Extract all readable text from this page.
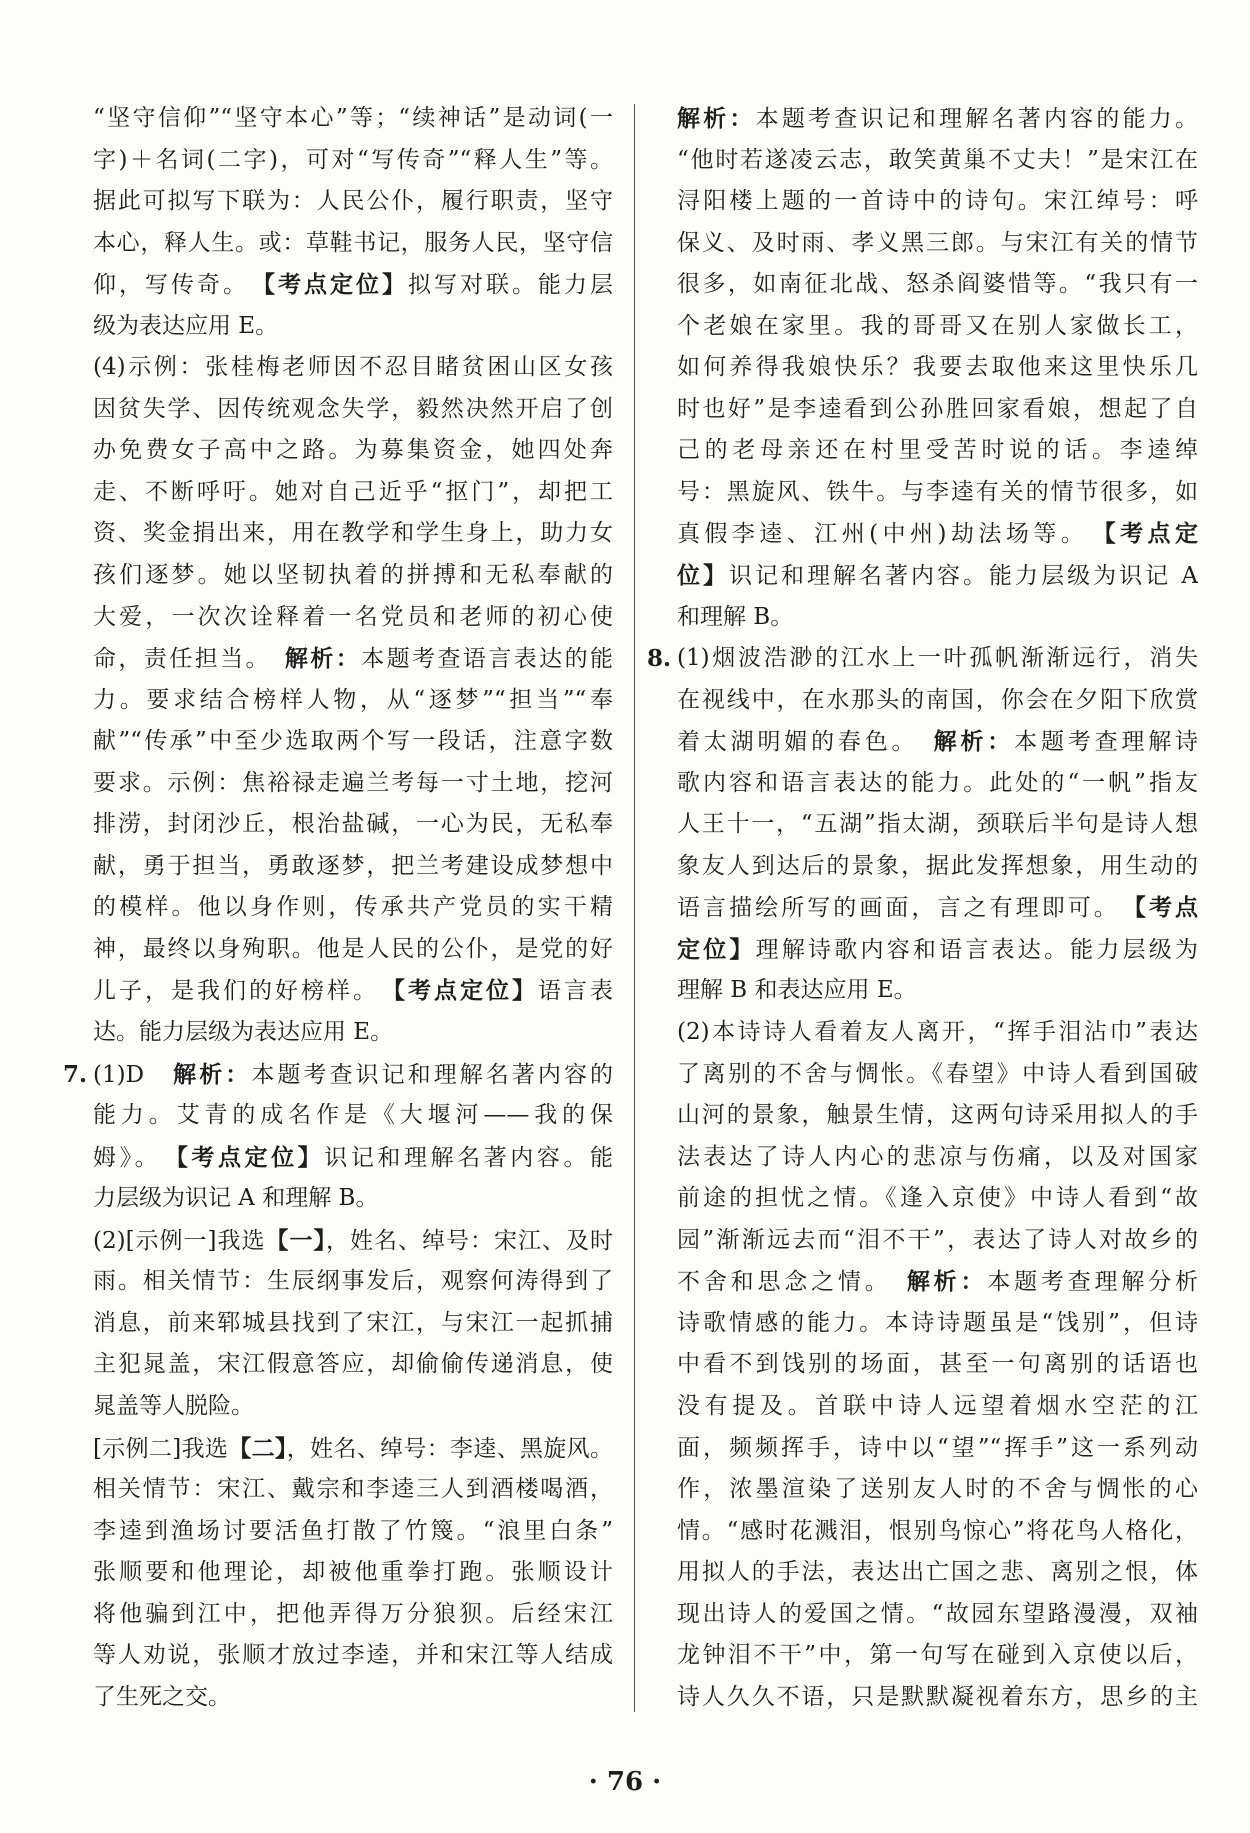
“坚守信仰”“坚守本心”等；“续神话”是动词(一
字)＋名词(二字)，可对“写传奇”“释人生”等。
据此可拟写下联为：人民公仆，履行职责，坚守
本心，释人生。或：草鞋书记，服务人民，坚守信
仰，写传奇。　【考点定位】拟写对联。能力层
级为表达应用 E。
(4)示例：张桂梅老师因不忍目睹贫困山区女孩
因贫失学、因传统观念失学，毅然决然开启了创
办免费女子高中之路。为募集资金，她四处奔
走、不断呼吁。她对自己近乎“抠门”，却把工
资、奖金捐出来，用在教学和学生身上，助力女
孩们逐梦。她以坚韧执着的拼搏和无私奉献的
大爱，一次次诠释着一名党员和老师的初心使
命，责任担当。　解析：本题考查语言表达的能
力。要求结合榜样人物，从“逐梦”“担当”“奉
献”“传承”中至少选取两个写一段话，注意字数
要求。示例：焦裕禄走遍兰考每一寸土地，挖河
排涝，封闭沙丘，根治盐碱，一心为民，无私奉
献，勇于担当，勇敢逐梦，把兰考建设成梦想中
的模样。他以身作则，传承共产党员的实干精
神，最终以身殉职。他是人民的公仆，是党的好
儿子，是我们的好榜样。　【考点定位】语言表
达。能力层级为表达应用 E。
7. (1)D　解析：本题考查识记和理解名著内容的
能力。艾青的成名作是《大堰河——我的保
姆》。　【考点定位】识记和理解名著内容。能
力层级为识记 A 和理解 B。
(2)[示例一]我选【一】，姓名、绰号：宋江、及时
雨。相关情节：生辰纲事发后，观察何涛得到了
消息，前来郓城县找到了宋江，与宋江一起抓捕
主犯晁盖，宋江假意答应，却偷偷传递消息，使
晁盖等人脱险。
[示例二]我选【二】，姓名、绰号：李逵、黑旋风。
相关情节：宋江、戴宗和李逵三人到酒楼喝酒，
李逵到渔场讨要活鱼打散了竹篾。“浪里白条”
张顺要和他理论，却被他重拳打跑。张顺设计
将他骗到江中，把他弄得万分狼狈。后经宋江
等人劝说，张顺才放过李逵，并和宋江等人结成
了生死之交。
解析：本题考查识记和理解名著内容的能力。
“他时若遂凌云志，敢笑黄巢不丈夫！”是宋江在
浔阳楼上题的一首诗中的诗句。宋江绰号：呼
保义、及时雨、孝义黑三郎。与宋江有关的情节
很多，如南征北战、怒杀阎婆惜等。“我只有一
个老娘在家里。我的哥哥又在别人家做长工，
如何养得我娘快乐？我要去取他来这里快乐几
时也好”是李逵看到公孙胜回家看娘，想起了自
己的老母亲还在村里受苦时说的话。李逵绰
号：黑旋风、铁牛。与李逵有关的情节很多，如
真假李逵、江州(中州)劫法场等。　【考点定
位】识记和理解名著内容。能力层级为识记 A
和理解 B。
8. (1)烟波浩渺的江水上一叶孤帆渐渐远行，消失
在视线中，在水那头的南国，你会在夕阳下欣赏
着太湖明媚的春色。　解析：本题考查理解诗
歌内容和语言表达的能力。此处的“一帆”指友
人王十一，“五湖”指太湖，颈联后半句是诗人想
象友人到达后的景象，据此发挥想象，用生动的
语言描绘所写的画面，言之有理即可。　【考点
定位】理解诗歌内容和语言表达。能力层级为
理解 B 和表达应用 E。
(2)本诗诗人看着友人离开，“挥手泪沾巾”表达
了离别的不舍与惆怅。《春望》中诗人看到国破
山河的景象，触景生情，这两句诗采用拟人的手
法表达了诗人内心的悲凉与伤痛，以及对国家
前途的担忧之情。《逢入京使》中诗人看到“故
园”渐渐远去而“泪不干”，表达了诗人对故乡的
不舍和思念之情。　解析：本题考查理解分析
诗歌情感的能力。本诗诗题虽是“饯别”，但诗
中看不到饯别的场面，甚至一句离别的话语也
没有提及。首联中诗人远望着烟水空茫的江
面，频频挥手，诗中以“望”“挥手”这一系列动
作，浓墨渲染了送别友人时的不舍与惆怅的心
情。“感时花溅泪，恨别鸟惊心”将花鸟人格化，
用拟人的手法，表达出亡国之悲、离别之恨，体
现出诗人的爱国之情。“故园东望路漫漫，双袖
龙钟泪不干”中，第一句写在碰到入京使以后，
诗人久久不语，只是默默凝视着东方，思乡的主
· 76 ·
